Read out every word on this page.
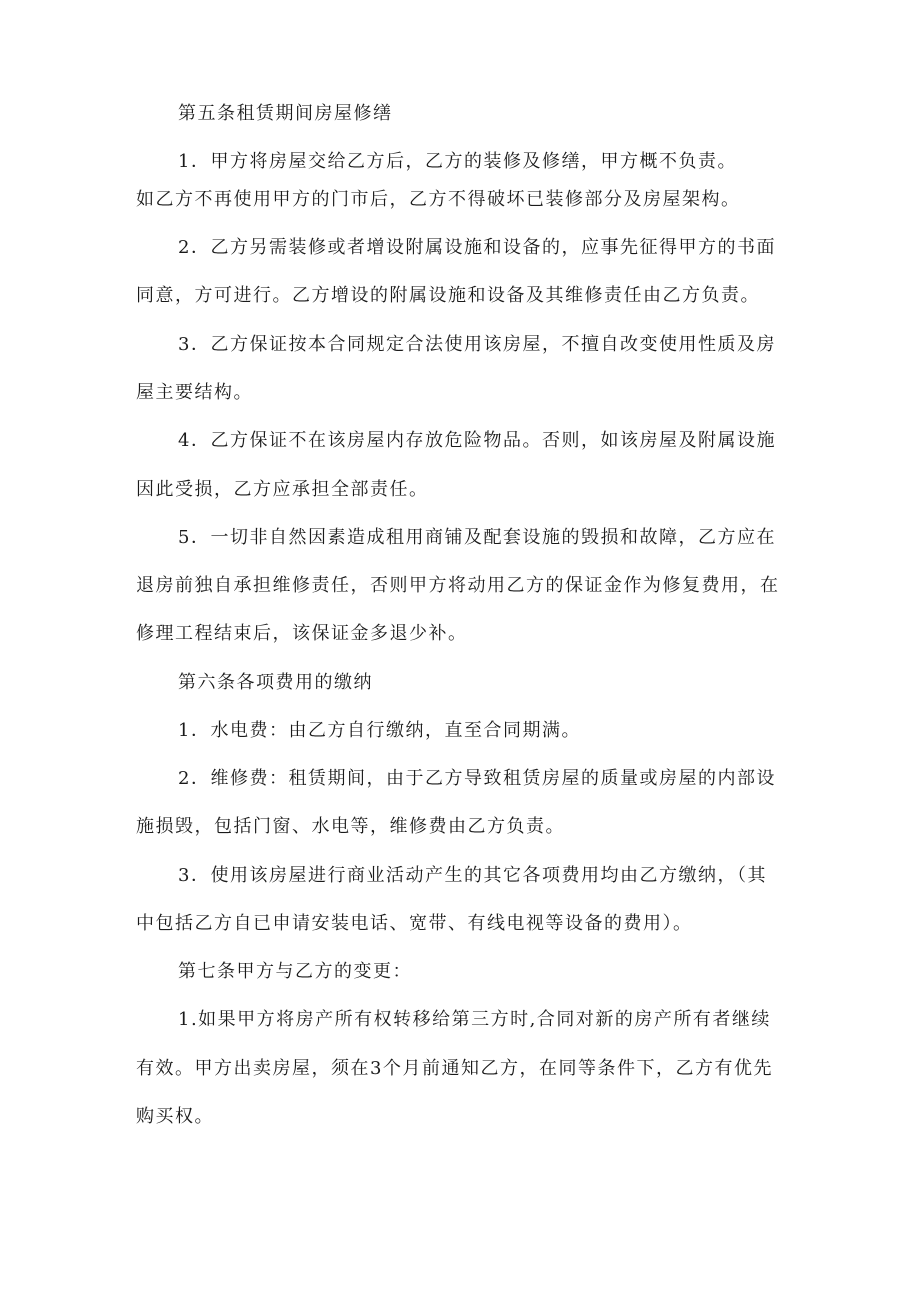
第五条租赁期间房屋修缮
1．甲方将房屋交给乙方后，乙方的装修及修缮，甲方概不负责。
如乙方不再使用甲方的门市后，乙方不得破坏已装修部分及房屋架构。
2．乙方另需装修或者增设附属设施和设备的，应事先征得甲方的书面
同意，方可进行。乙方增设的附属设施和设备及其维修责任由乙方负责。
3．乙方保证按本合同规定合法使用该房屋，不擅自改变使用性质及房
屋主要结构。
4．乙方保证不在该房屋内存放危险物品。否则，如该房屋及附属设施
因此受损，乙方应承担全部责任。
5．一切非自然因素造成租用商铺及配套设施的毁损和故障，乙方应在
退房前独自承担维修责任，否则甲方将动用乙方的保证金作为修复费用，在
修理工程结束后，该保证金多退少补。
第六条各项费用的缴纳
1．水电费：由乙方自行缴纳，直至合同期满。
2．维修费：租赁期间，由于乙方导致租赁房屋的质量或房屋的内部设
施损毁，包括门窗、水电等，维修费由乙方负责。
3．使用该房屋进行商业活动产生的其它各项费用均由乙方缴纳，（其
中包括乙方自已申请安装电话、宽带、有线电视等设备的费用）。
第七条甲方与乙方的变更：
1.如果甲方将房产所有权转移给第三方时,合同对新的房产所有者继续
有效。甲方出卖房屋，须在3个月前通知乙方，在同等条件下，乙方有优先
购买权。
